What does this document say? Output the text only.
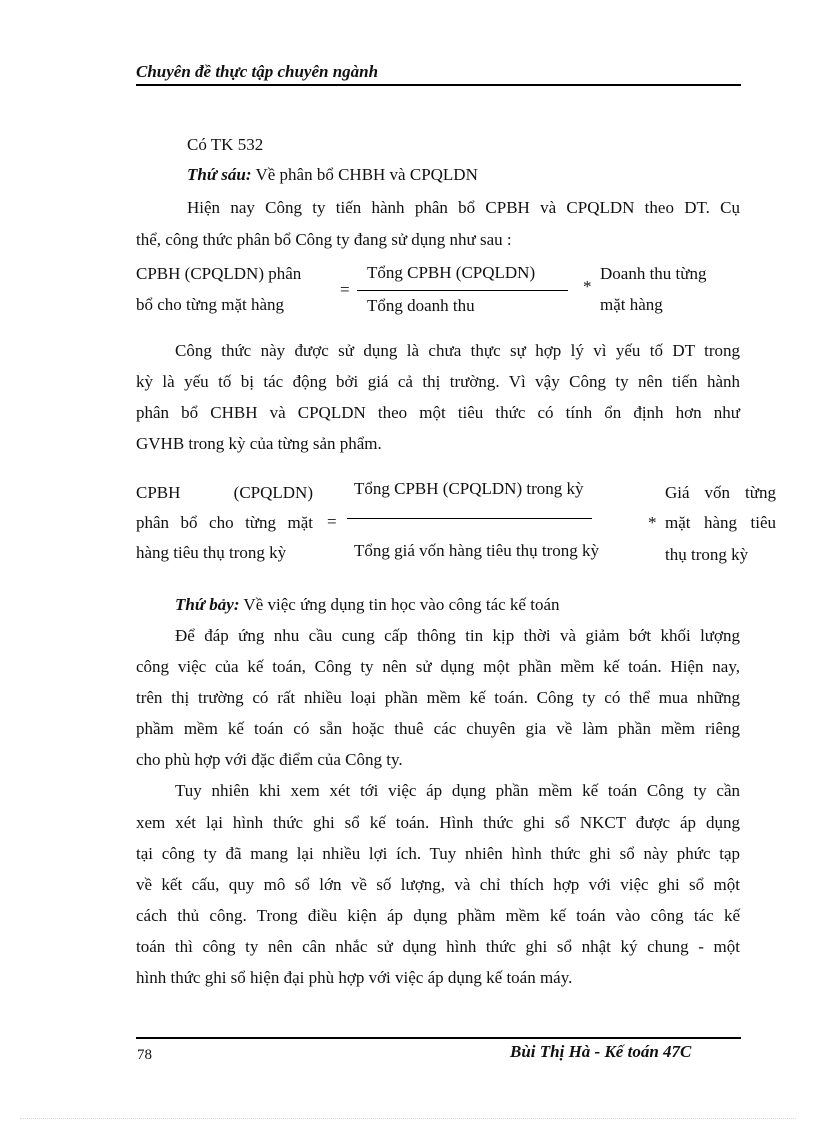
Chuyên đề thực tập chuyên ngành
Có TK 532
Thứ sáu: Về phân bổ CHBH và CPQLDN
Hiện nay Công ty tiến hành phân bổ CPBH và CPQLDN theo DT. Cụ
thể, công thức phân bổ Công ty đang sử dụng như sau :
CPBH (CPQLDN) phân
bổ cho từng mặt hàng
=
Tổng CPBH (CPQLDN)
Tổng doanh thu
*
Doanh thu từng
mặt hàng
Công thức này được sử dụng là chưa thực sự hợp lý vì yếu tố DT trong
kỳ là yếu tố bị tác động bởi giá cả thị trường. Vì vậy Công ty nên tiến hành
phân bổ CHBH và CPQLDN theo một tiêu thức có tính ổn định hơn như
GVHB trong kỳ của từng sản phẩm.
CPBH (CPQLDN)
phân bổ cho từng mặt
hàng tiêu thụ trong kỳ
=
Tổng CPBH (CPQLDN) trong kỳ
Tổng giá vốn hàng tiêu thụ trong kỳ
*
Giá vốn từng
mặt hàng tiêu
thụ trong kỳ
Thứ bảy: Về việc ứng dụng tin học vào công tác kế toán
Để đáp ứng nhu cầu cung cấp thông tin kịp thời và giảm bớt khối lượng
công việc của kế toán, Công ty nên sử dụng một phần mềm kế toán. Hiện nay,
trên thị trường có rất nhiều loại phần mềm kế toán. Công ty có thể mua những
phầm mềm kế toán có sẵn hoặc thuê các chuyên gia về làm phần mềm riêng
cho phù hợp với đặc điểm của Công ty.
Tuy nhiên khi xem xét tới việc áp dụng phần mềm kế toán Công ty cần
xem xét lại hình thức ghi sổ kế toán. Hình thức ghi sổ NKCT được áp dụng
tại công ty đã mang lại nhiều lợi ích. Tuy nhiên hình thức ghi sổ này phức tạp
về kết cấu, quy mô sổ lớn về số lượng, và chỉ thích hợp với việc ghi sổ một
cách thủ công. Trong điều kiện áp dụng phầm mềm kế toán vào công tác kế
toán thì công ty nên cân nhắc sử dụng hình thức ghi sổ nhật ký chung - một
hình thức ghi sổ hiện đại phù hợp với việc áp dụng kế toán máy.
78	Bùi Thị Hà - Kế toán 47C
